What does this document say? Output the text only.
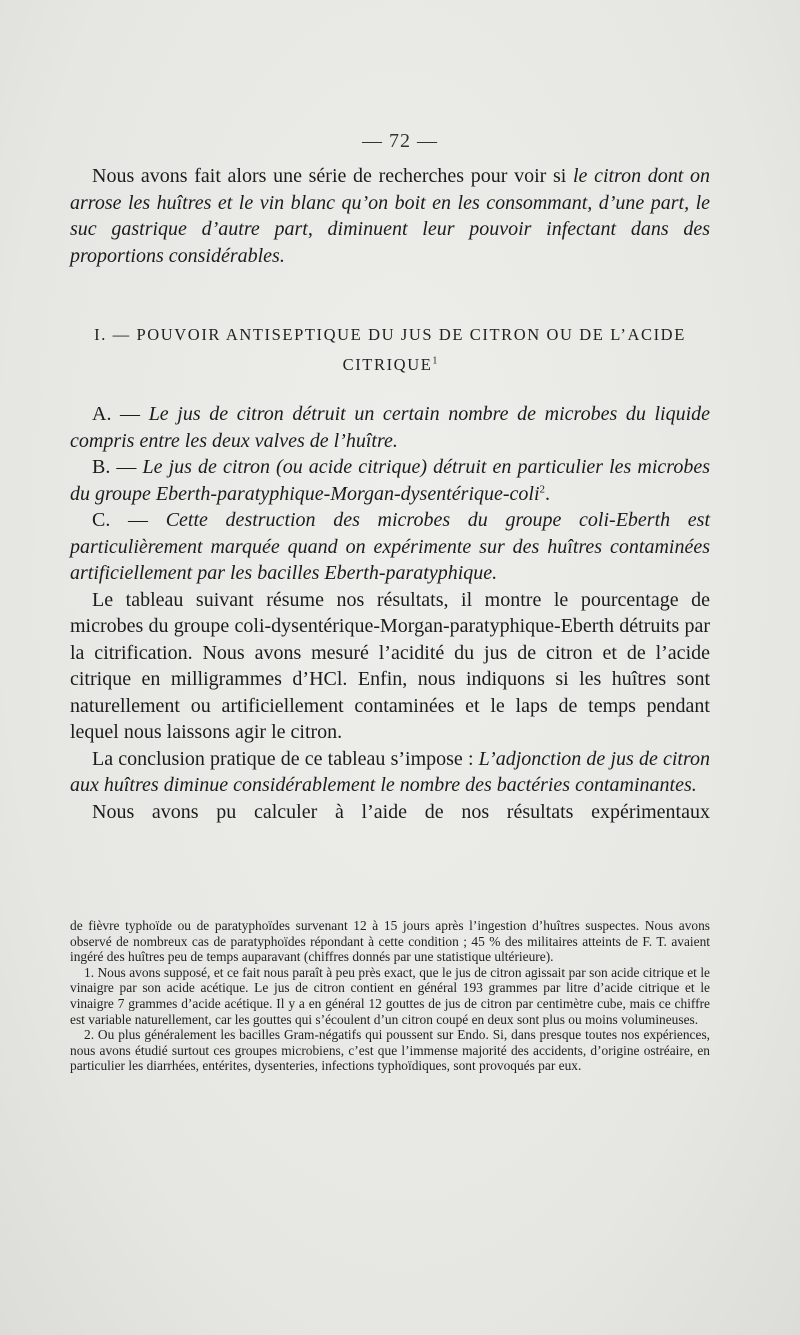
— 72 —

Nous avons fait alors une série de recherches pour voir si le citron dont on arrose les huîtres et le vin blanc qu’on boit en les consommant, d’une part, le suc gastrique d’autre part, diminuent leur pouvoir infectant dans des proportions considérables.

I. — POUVOIR ANTISEPTIQUE DU JUS DE CITRON OU DE L’ACIDE
CITRIQUE$^1$

A. — Le jus de citron détruit un certain nombre de microbes du liquide compris entre les deux valves de l’huître.

B. — Le jus de citron (ou acide citrique) détruit en particulier les microbes du groupe Eberth-paratyphique-Morgan-dysentérique-coli$^2$.

C. — Cette destruction des microbes du groupe coli-Eberth est particulièrement marquée quand on expérimente sur des huîtres contaminées artificiellement par les bacilles Eberth-paratyphique.

Le tableau suivant résume nos résultats, il montre le pourcentage de microbes du groupe coli-dysentérique-Morgan-paratyphique-Eberth détruits par la citrification. Nous avons mesuré l’acidité du jus de citron et de l’acide citrique en milligrammes d’HCl. Enfin, nous indiquons si les huîtres sont naturellement ou artificiellement contaminées et le laps de temps pendant lequel nous laissons agir le citron.

La conclusion pratique de ce tableau s’impose : L’adjonction de jus de citron aux huîtres diminue considérablement le nombre des bactéries contaminantes.

Nous avons pu calculer à l’aide de nos résultats expérimentaux

de fièvre typhoïde ou de paratyphoïdes survenant 12 à 15 jours après l’ingestion d’huîtres suspectes. Nous avons observé de nombreux cas de paratyphoïdes répondant à cette condition ; 45 % des militaires atteints de F. T. avaient ingéré des huîtres peu de temps auparavant (chiffres donnés par une statistique ultérieure).

1. Nous avons supposé, et ce fait nous paraît à peu près exact, que le jus de citron agissait par son acide citrique et le vinaigre par son acide acétique. Le jus de citron contient en général 193 grammes par litre d’acide citrique et le vinaigre 7 grammes d’acide acétique. Il y a en général 12 gouttes de jus de citron par centimètre cube, mais ce chiffre est variable naturellement, car les gouttes qui s’écoulent d’un citron coupé en deux sont plus ou moins volumineuses.

2. Ou plus généralement les bacilles Gram-négatifs qui poussent sur Endo. Si, dans presque toutes nos expériences, nous avons étudié surtout ces groupes microbiens, c’est que l’immense majorité des accidents, d’origine ostréaire, en particulier les diarrhées, entérites, dysenteries, infections typhoïdiques, sont provoqués par eux.
